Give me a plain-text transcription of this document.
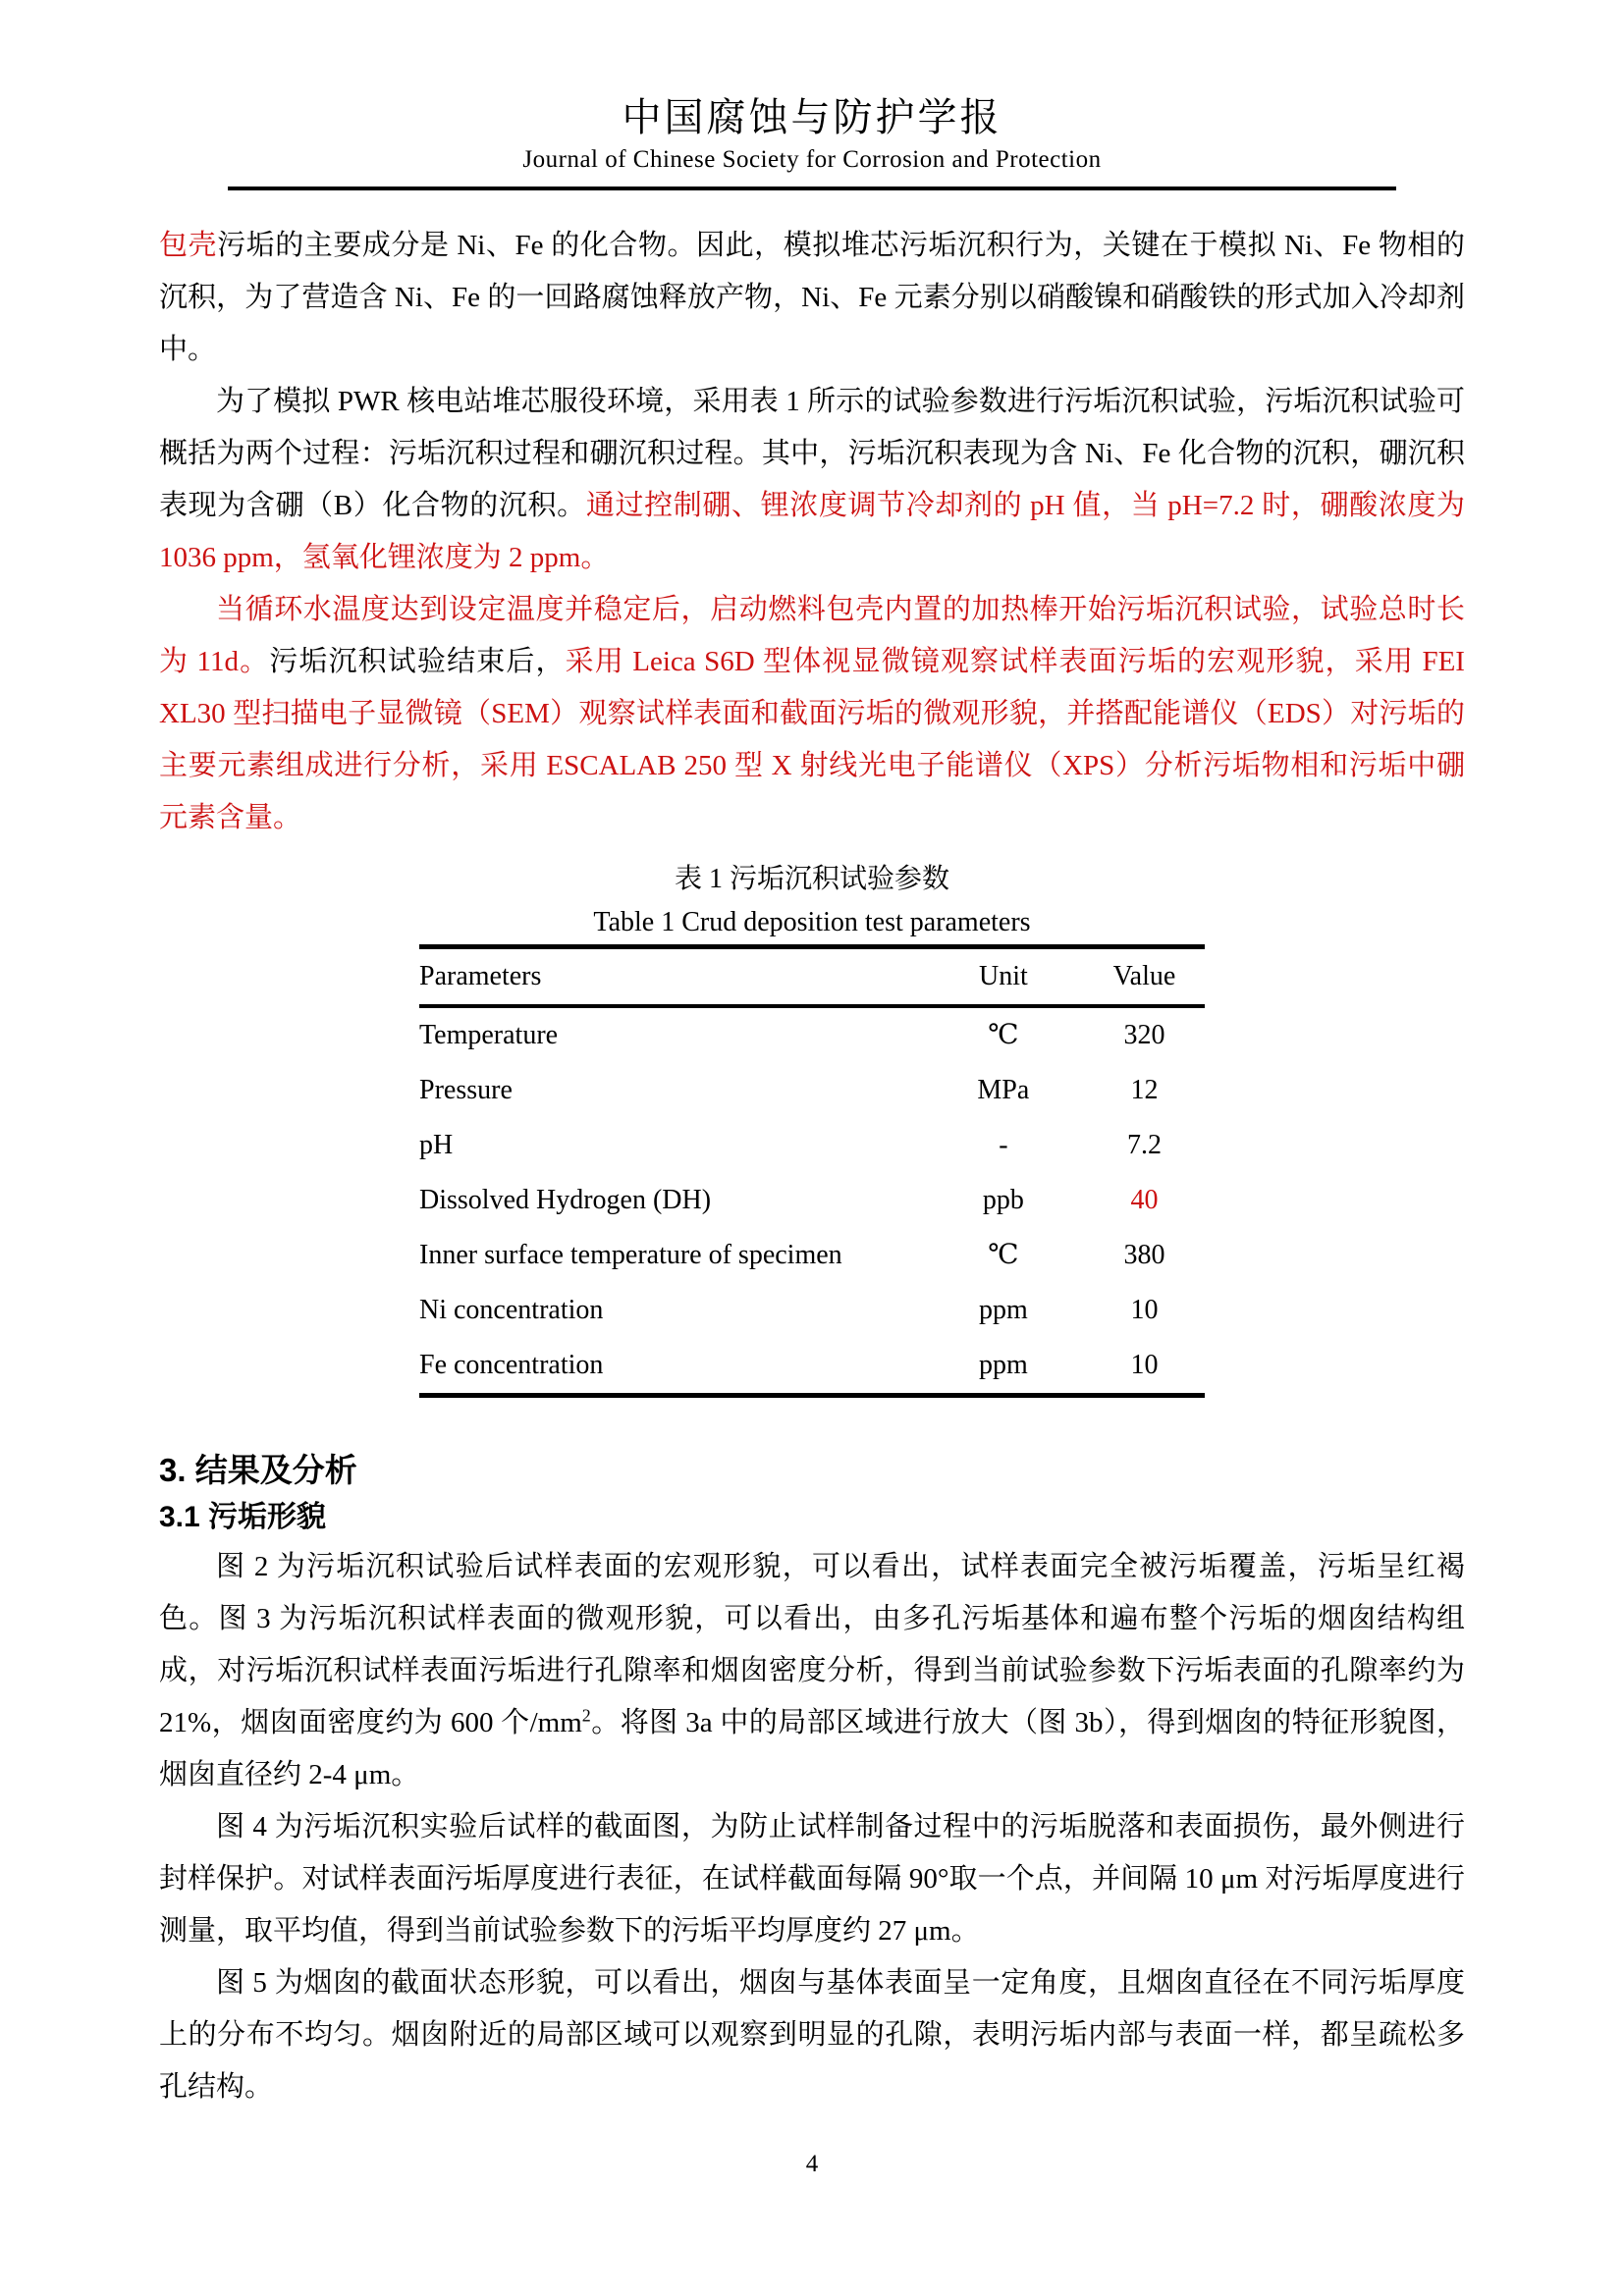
中国腐蚀与防护学报
Journal of Chinese Society for Corrosion and Protection

包壳污垢的主要成分是 Ni、Fe 的化合物。因此，模拟堆芯污垢沉积行为，关键在于模拟 Ni、Fe 物相的沉积，为了营造含 Ni、Fe 的一回路腐蚀释放产物，Ni、Fe 元素分别以硝酸镍和硝酸铁的形式加入冷却剂中。

为了模拟 PWR 核电站堆芯服役环境，采用表 1 所示的试验参数进行污垢沉积试验，污垢沉积试验可概括为两个过程：污垢沉积过程和硼沉积过程。其中，污垢沉积表现为含 Ni、Fe 化合物的沉积，硼沉积表现为含硼（B）化合物的沉积。通过控制硼、锂浓度调节冷却剂的 pH 值，当 pH=7.2 时，硼酸浓度为 1036 ppm，氢氧化锂浓度为 2 ppm。

当循环水温度达到设定温度并稳定后，启动燃料包壳内置的加热棒开始污垢沉积试验，试验总时长为 11d。污垢沉积试验结束后，采用 Leica S6D 型体视显微镜观察试样表面污垢的宏观形貌，采用 FEI XL30 型扫描电子显微镜（SEM）观察试样表面和截面污垢的微观形貌，并搭配能谱仪（EDS）对污垢的主要元素组成进行分析，采用 ESCALAB 250 型 X 射线光电子能谱仪（XPS）分析污垢物相和污垢中硼元素含量。

表 1 污垢沉积试验参数
Table 1 Crud deposition test parameters
Parameters	Unit	Value
Temperature	℃	320
Pressure	MPa	12
pH	-	7.2
Dissolved Hydrogen (DH)	ppb	40
Inner surface temperature of specimen	℃	380
Ni concentration	ppm	10
Fe concentration	ppm	10
3. 结果及分析
3.1 污垢形貌

图 2 为污垢沉积试验后试样表面的宏观形貌，可以看出，试样表面完全被污垢覆盖，污垢呈红褐色。图 3 为污垢沉积试样表面的微观形貌，可以看出，由多孔污垢基体和遍布整个污垢的烟囱结构组成，对污垢沉积试样表面污垢进行孔隙率和烟囱密度分析，得到当前试验参数下污垢表面的孔隙率约为 21%，烟囱面密度约为 600 个$/mm^2$。将图 3a 中的局部区域进行放大（图 3b），得到烟囱的特征形貌图，烟囱直径约 2-4 μm。

图 4 为污垢沉积实验后试样的截面图，为防止试样制备过程中的污垢脱落和表面损伤，最外侧进行封样保护。对试样表面污垢厚度进行表征，在试样截面每隔 90°取一个点，并间隔 10 μm 对污垢厚度进行测量，取平均值，得到当前试验参数下的污垢平均厚度约 27 μm。

图 5 为烟囱的截面状态形貌，可以看出，烟囱与基体表面呈一定角度，且烟囱直径在不同污垢厚度上的分布不均匀。烟囱附近的局部区域可以观察到明显的孔隙，表明污垢内部与表面一样，都呈疏松多孔结构。

4
